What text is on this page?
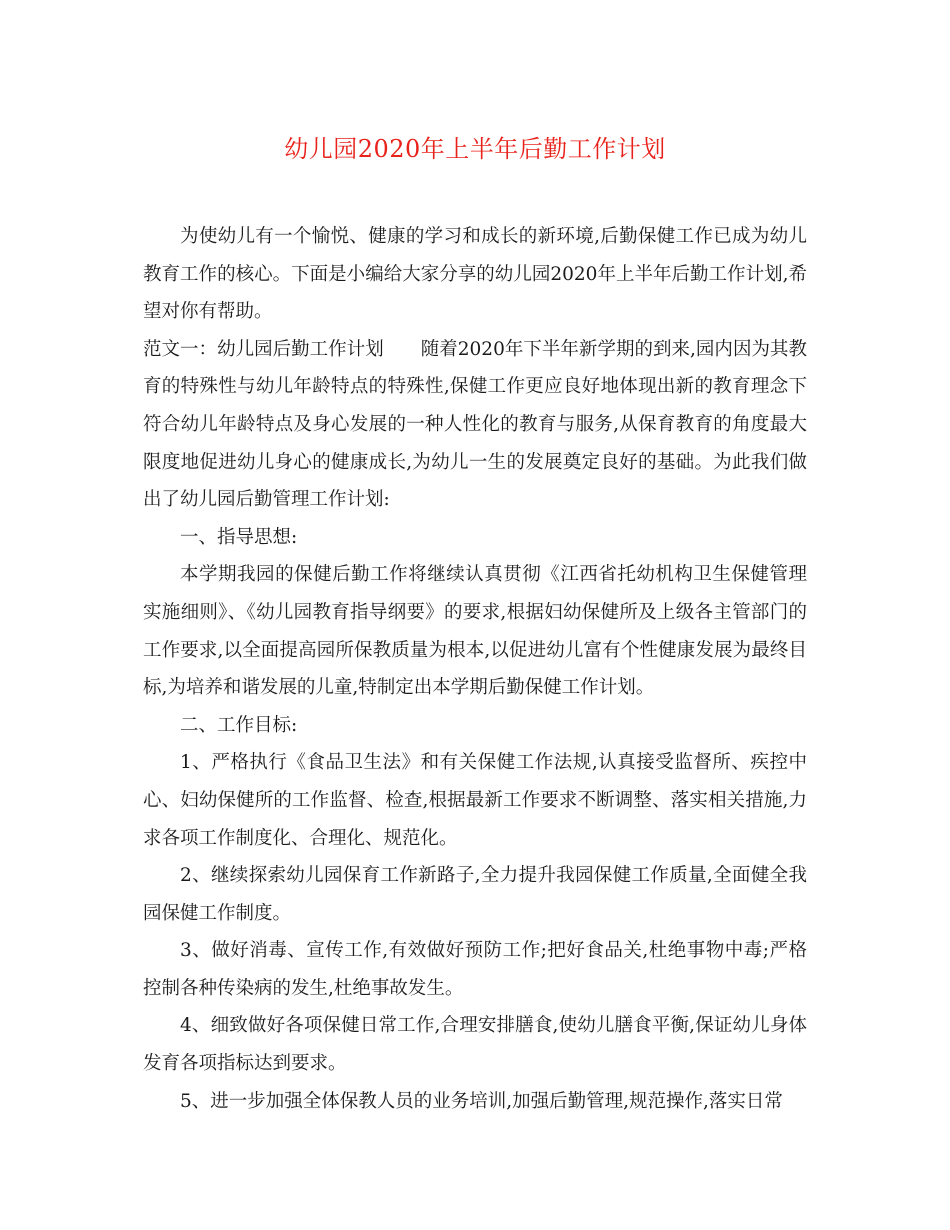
幼儿园2020年上半年后勤工作计划

为使幼儿有一个愉悦、健康的学习和成长的新环境,后勤保健工作已成为幼儿教育工作的核心。下面是小编给大家分享的幼儿园2020年上半年后勤工作计划,希望对你有帮助。

范文一：幼儿园后勤工作计划　　随着2020年下半年新学期的到来,园内因为其教育的特殊性与幼儿年龄特点的特殊性,保健工作更应良好地体现出新的教育理念下符合幼儿年龄特点及身心发展的一种人性化的教育与服务,从保育教育的角度最大限度地促进幼儿身心的健康成长,为幼儿一生的发展奠定良好的基础。为此我们做出了幼儿园后勤管理工作计划:

一、指导思想:

本学期我园的保健后勤工作将继续认真贯彻《江西省托幼机构卫生保健管理实施细则》、《幼儿园教育指导纲要》的要求,根据妇幼保健所及上级各主管部门的工作要求,以全面提高园所保教质量为根本,以促进幼儿富有个性健康发展为最终目标,为培养和谐发展的儿童,特制定出本学期后勤保健工作计划。

二、工作目标:

1、严格执行《食品卫生法》和有关保健工作法规,认真接受监督所、疾控中心、妇幼保健所的工作监督、检查,根据最新工作要求不断调整、落实相关措施,力求各项工作制度化、合理化、规范化。

2、继续探索幼儿园保育工作新路子,全力提升我园保健工作质量,全面健全我园保健工作制度。

3、做好消毒、宣传工作,有效做好预防工作;把好食品关,杜绝事物中毒;严格控制各种传染病的发生,杜绝事故发生。

4、细致做好各项保健日常工作,合理安排膳食,使幼儿膳食平衡,保证幼儿身体发育各项指标达到要求。

5、进一步加强全体保教人员的业务培训,加强后勤管理,规范操作,落实日常
